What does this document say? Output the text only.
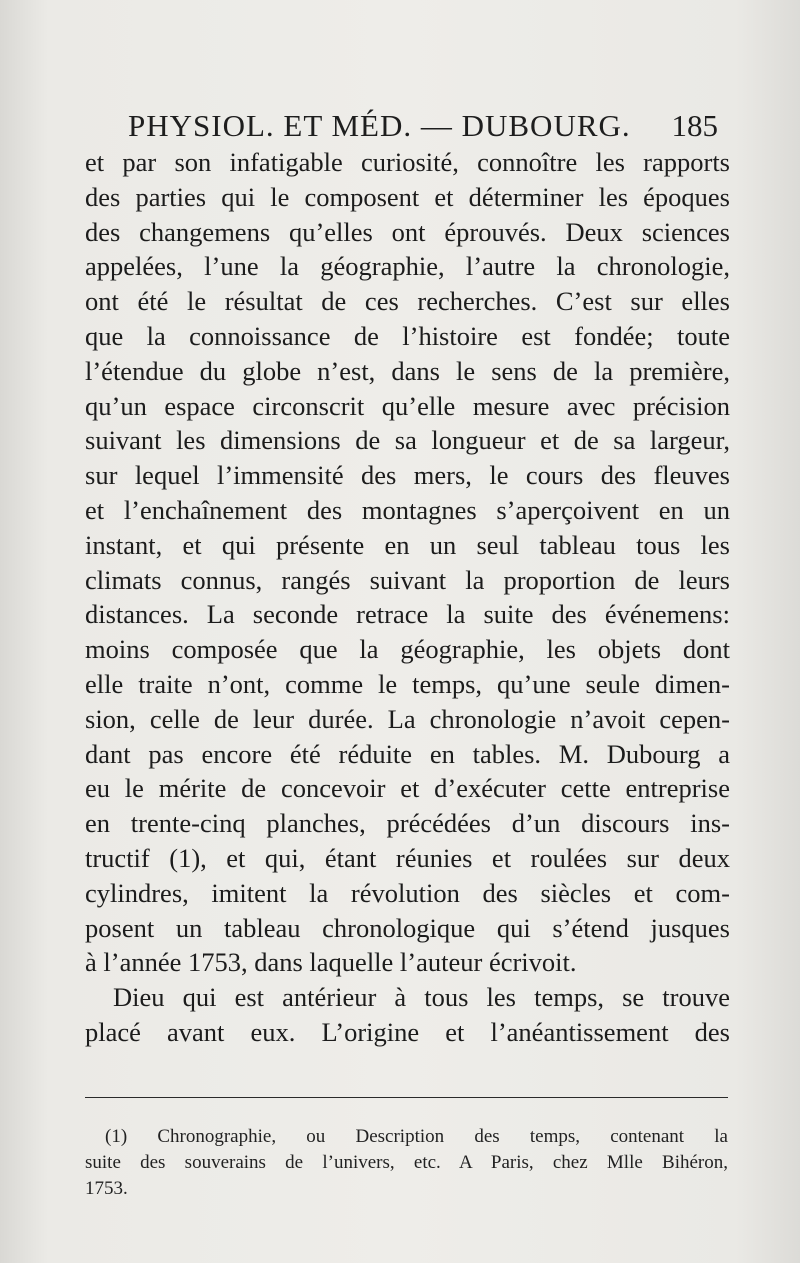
PHYSIOL. ET MÉD. — DUBOURG. 185
et par son infatigable curiosité, connoître les rapports
des parties qui le composent et déterminer les époques
des changemens qu’elles ont éprouvés. Deux sciences
appelées, l’une la géographie, l’autre la chronologie,
ont été le résultat de ces recherches. C’est sur elles
que la connoissance de l’histoire est fondée; toute
l’étendue du globe n’est, dans le sens de la première,
qu’un espace circonscrit qu’elle mesure avec précision
suivant les dimensions de sa longueur et de sa largeur,
sur lequel l’immensité des mers, le cours des fleuves
et l’enchaînement des montagnes s’aperçoivent en un
instant, et qui présente en un seul tableau tous les
climats connus, rangés suivant la proportion de leurs
distances. La seconde retrace la suite des événemens:
moins composée que la géographie, les objets dont
elle traite n’ont, comme le temps, qu’une seule dimen-
sion, celle de leur durée. La chronologie n’avoit cepen-
dant pas encore été réduite en tables. M. Dubourg a
eu le mérite de concevoir et d’exécuter cette entreprise
en trente-cinq planches, précédées d’un discours ins-
tructif (1), et qui, étant réunies et roulées sur deux
cylindres, imitent la révolution des siècles et com-
posent un tableau chronologique qui s’étend jusques
à l’année 1753, dans laquelle l’auteur écrivoit.
Dieu qui est antérieur à tous les temps, se trouve
placé avant eux. L’origine et l’anéantissement des
(1) Chronographie, ou Description des temps, contenant la
suite des souverains de l’univers, etc. A Paris, chez Mlle Bihéron,
1753.
